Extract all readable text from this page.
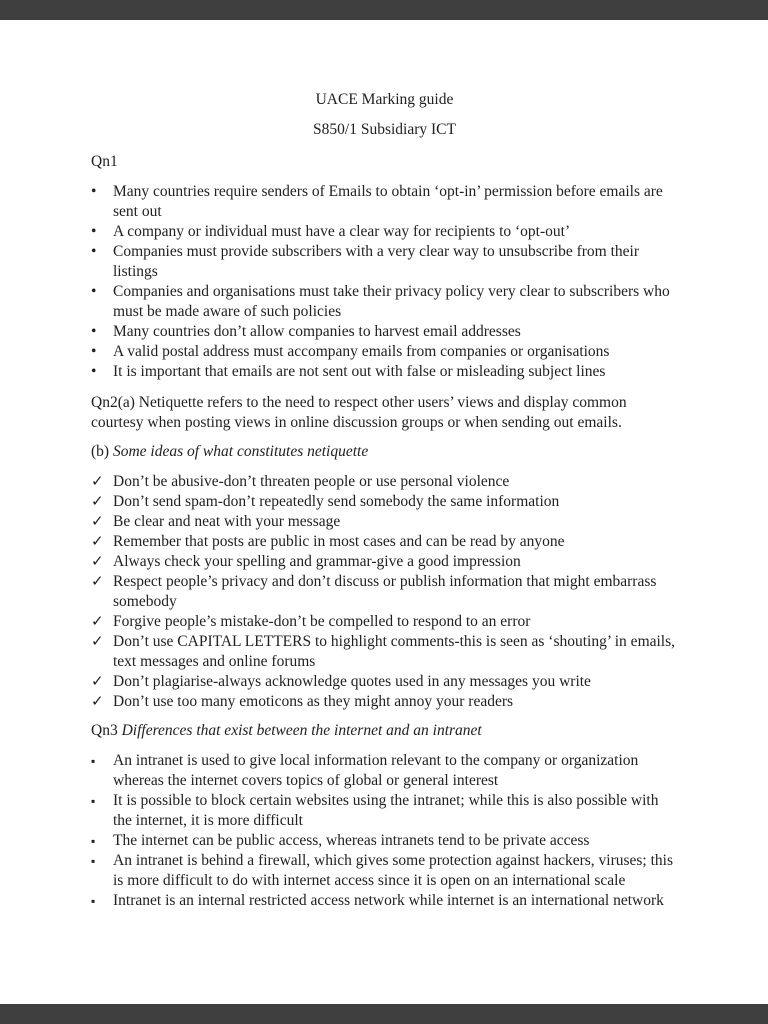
UACE Marking guide
S850/1 Subsidiary ICT
Qn1
•	Many countries require senders of Emails to obtain ‘opt-in’ permission before emails are sent out
•	A company or individual must have a clear way for recipients to ‘opt-out’
•	Companies must provide subscribers with a very clear way to unsubscribe from their listings
•	Companies and organisations must take their privacy policy very clear to subscribers who must be made aware of such policies
•	Many countries don’t allow companies to harvest email addresses
•	A valid postal address must accompany emails from companies or organisations
•	It is important that emails are not sent out with false or misleading subject lines

Qn2(a) Netiquette refers to the need to respect other users’ views and display common courtesy when posting views in online discussion groups or when sending out emails.

(b) Some ideas of what constitutes netiquette
✓ Don’t be abusive-don’t threaten people or use personal violence
✓ Don’t send spam-don’t repeatedly send somebody the same information
✓ Be clear and neat with your message
✓ Remember that posts are public in most cases and can be read by anyone
✓ Always check your spelling and grammar-give a good impression
✓ Respect people’s privacy and don’t discuss or publish information that might embarrass somebody
✓ Forgive people’s mistake-don’t be compelled to respond to an error
✓ Don’t use CAPITAL LETTERS to highlight comments-this is seen as ‘shouting’ in emails, text messages and online forums
✓ Don’t plagiarise-always acknowledge quotes used in any messages you write
✓ Don’t use too many emoticons as they might annoy your readers
Qn3 Differences that exist between the internet and an intranet
▪	An intranet is used to give local information relevant to the company or organization whereas the internet covers topics of global or general interest
▪	It is possible to block certain websites using the intranet; while this is also possible with the internet, it is more difficult
▪	The internet can be public access, whereas intranets tend to be private access
▪	An intranet is behind a firewall, which gives some protection against hackers, viruses; this is more difficult to do with internet access since it is open on an international scale
▪	Intranet is an internal restricted access network while internet is an international network
